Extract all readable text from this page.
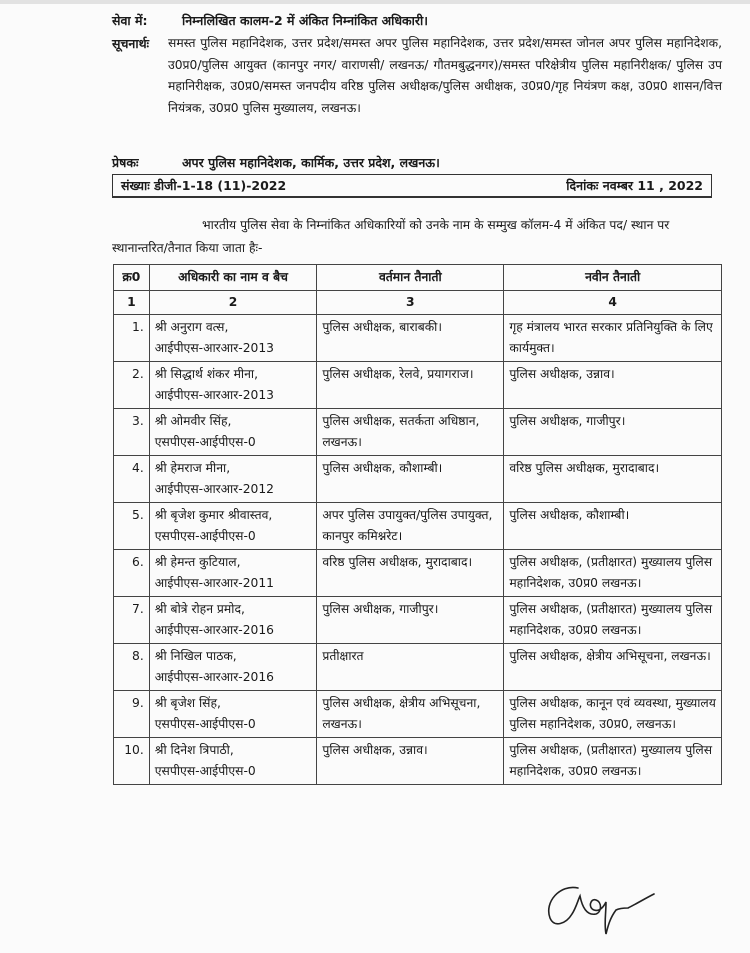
सेवा में:	निम्नलिखित कालम-2 में अंकित निम्नांकित अधिकारी।
सूचनार्थः	समस्त पुलिस महानिदेशक, उत्तर प्रदेश/समस्त अपर पुलिस महानिदेशक, उत्तर प्रदेश/समस्त जोनल अपर पुलिस महानिदेशक, उ0प्र0/पुलिस आयुक्त (कानपुर नगर/ वाराणसी/ लखनऊ/ गौतमबुद्धनगर)/समस्त परिक्षेत्रीय पुलिस महानिरीक्षक/ पुलिस उप महानिरीक्षक, उ0प्र0/समस्त जनपदीय वरिष्ठ पुलिस अधीक्षक/पुलिस अधीक्षक, उ0प्र0/गृह नियंत्रण कक्ष, उ0प्र0 शासन/वित्त नियंत्रक, उ0प्र0 पुलिस मुख्यालय, लखनऊ।
प्रेषकः	अपर पुलिस महानिदेशक, कार्मिक, उत्तर प्रदेश, लखनऊ।
संख्याः डीजी-1-18 (11)-2022	दिनांकः नवम्बर 11 , 2022
भारतीय पुलिस सेवा के निम्नांकित अधिकारियों को उनके नाम के सम्मुख कॉलम-4 में अंकित पद/ स्थान पर स्थानान्तरित/तैनात किया जाता हैः-
क्र0	अधिकारी का नाम व बैच	वर्तमान तैनाती	नवीन तैनाती
1	2	3	4
1.	श्री अनुराग वत्स,
आईपीएस-आरआर-2013	पुलिस अधीक्षक, बाराबकी।	गृह मंत्रालय भारत सरकार प्रतिनियुक्ति के लिए कार्यमुक्त।
2.	श्री सिद्धार्थ शंकर मीना,
आईपीएस-आरआर-2013	पुलिस अधीक्षक, रेलवे, प्रयागराज।	पुलिस अधीक्षक, उन्नाव।
3.	श्री ओमवीर सिंह,
एसपीएस-आईपीएस-0	पुलिस अधीक्षक, सतर्कता अधिष्ठान, लखनऊ।	पुलिस अधीक्षक, गाजीपुर।
4.	श्री हेमराज मीना,
आईपीएस-आरआर-2012	पुलिस अधीक्षक, कौशाम्बी।	वरिष्ठ पुलिस अधीक्षक, मुरादाबाद।
5.	श्री बृजेश कुमार श्रीवास्तव,
एसपीएस-आईपीएस-0	अपर पुलिस उपायुक्त/पुलिस उपायुक्त, कानपुर कमिश्नरेट।	पुलिस अधीक्षक, कौशाम्बी।
6.	श्री हेमन्त कुटियाल,
आईपीएस-आरआर-2011	वरिष्ठ पुलिस अधीक्षक, मुरादाबाद।	पुलिस अधीक्षक, (प्रतीक्षारत) मुख्यालय पुलिस महानिदेशक, उ0प्र0 लखनऊ।
7.	श्री बोत्रे रोहन प्रमोद,
आईपीएस-आरआर-2016	पुलिस अधीक्षक, गाजीपुर।	पुलिस अधीक्षक, (प्रतीक्षारत) मुख्यालय पुलिस महानिदेशक, उ0प्र0 लखनऊ।
8.	श्री निखिल पाठक,
आईपीएस-आरआर-2016	प्रतीक्षारत	पुलिस अधीक्षक, क्षेत्रीय अभिसूचना, लखनऊ।
9.	श्री बृजेश सिंह,
एसपीएस-आईपीएस-0	पुलिस अधीक्षक, क्षेत्रीय अभिसूचना, लखनऊ।	पुलिस अधीक्षक, कानून एवं व्यवस्था, मुख्यालय पुलिस महानिदेशक, उ0प्र0, लखनऊ।
10.	श्री दिनेश त्रिपाठी,
एसपीएस-आईपीएस-0	पुलिस अधीक्षक, उन्नाव।	पुलिस अधीक्षक, (प्रतीक्षारत) मुख्यालय पुलिस महानिदेशक, उ0प्र0 लखनऊ।
